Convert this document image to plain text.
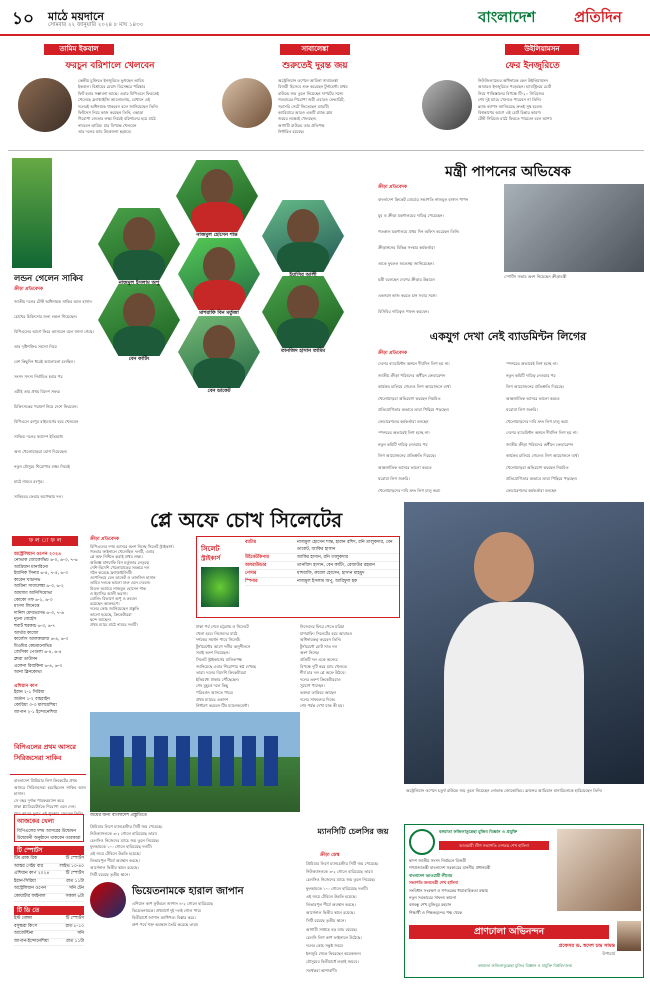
১০ মাঠে ময়দানে
সোমবার ২২ জানুয়ারি ২০২৪ ৮ মাঘ ১৪৩০	বাংলাদেশ	প্রতিদিন
তামিম ইকবাল
ফরচুন বরিশালে খেলবেন
কেন্দ্রীয় চুক্তিতে ইনজুরিতে ভুগছেন তামিম
ইকবাল। বিশ্রামের মেয়াদ ডিসেম্বরে পরিষ্কার
ফিট হবার সম্ভাবনা আছে। এবার বিপিএলে ফিরতেই
খেলেছে ফ্র্যাঞ্চাইজি আলোচনায়, যেখানে এই
দলেরই অধিনায়ক থাকবেন বলে জানিয়েছেন তিনি।
ফিটনেস নিয়ে কাজ করছেন তিনি, এছাড়া
শিরোপা জেতার লক্ষ্য নিয়েই বরিশালের হয়ে মাঠে
নামবেন তামিম। যার বিপক্ষে খেলবেন
তার দলের ম্যাচ উত্তেজনা ছড়াবে।
সাবালেঙ্কা
শুরুতেই দুরন্ত জয়
অস্ট্রেলিয়ান ওপেনে আরিনা সাবালেঙ্কা
বিজয়ী হিসেবে শুরু করেছেন টুর্নামেন্ট। প্রথম
রাউন্ডে জয় তুলে নিয়েছেন দাপটের সঙ্গে।
গতবারের শিরোপা জয়ী এবারও ফেভারিট,
সরাসরি সেটে জিতেছেন ম্যাচটি।
ক্যারিয়ারে আরও একটি গ্র্যান্ড স্লাম
জয়ের লক্ষ্যেই খেলছেন।
আগামী রাউন্ডে তার প্রতিপক্ষ
নির্ধারিত হয়েছে।
উইলিয়ামসন
ফের ইনজুরিতে
নিউজিল্যান্ডের অধিনায়ক কেন উইলিয়ামসন
আবারও ইনজুরিতে পড়েছেন। হ্যামস্ট্রিংয়ে চোট
নিয়ে পাকিস্তানের বিপক্ষে টি-২০ সিরিজের
শেষ দুই ম্যাচে খেলতে পারবেন না তিনি।
ব্ল্যাক ক্যাপস জানিয়েছে দ্রুতই সুস্থ হবেন।
বিশ্বকাপের আগে এই চোট চিন্তার কারণ।
টেস্ট সিরিজে মাঠে ফিরতে পারবেন বলে আশা।
লন্ডন গেলেন সাকিব
ক্রীড়া প্রতিবেদক
জাতীয় দলের টেস্ট অধিনায়ক সাকিব আল হাসান
চোখের চিকিৎসার জন্য লন্ডন গিয়েছেন।
বিপিএলের আগে ফিরে আসবেন বলে জানা গেছে।
তার দৃষ্টিশক্তির সমস্যা নিয়ে
বেশ কিছুদিন ধরেই আলোচনা চলছিল।
সংসদ সদস্য নির্বাচিত হবার পর
এটাই তার প্রথম বিদেশ সফর।
চিকিৎসকের পরামর্শ নিয়ে দেশে ফিরবেন।
বিপিএলে রংপুর রাইডার্সের হয়ে খেলবেন
সাকিব। দলের ক্যাম্পে ইতিমধ্যে
অন্য খেলোয়াড়রা যোগ দিয়েছেন।
নতুন মৌসুমে শিরোপার লক্ষ্য নিয়েই
মাঠে নামবে রংপুর।
সাকিবের ফেরার অপেক্ষায় দল।
নাজমুল হোসেন শান্ত
ইয়াসির আলী
নাজমুল ইসলাম অপু
মাশরাফি বিন মর্তুজা
বেন কাটিং
তানজিদ হাসান তামিম
বেন ডাকেট
মন্ত্রী পাপনের অভিষেক
ক্রীড়া প্রতিবেদক
বাংলাদেশ ক্রিকেট বোর্ডের সভাপতি নাজমুল হাসান পাপন
যুব ও ক্রীড়া মন্ত্রণালয়ের দায়িত্ব পেয়েছেন।
গতকাল মন্ত্রণালয়ে প্রথম দিন অফিস করেছেন তিনি।
ক্রীড়াঙ্গনের বিভিন্ন সংস্থার কর্মকর্তারা
তাকে ফুলেল শুভেচ্ছা জানিয়েছেন।
মন্ত্রী বলেছেন দেশের ক্রীড়ার উন্নয়নে
একসঙ্গে কাজ করতে চান সবার সঙ্গে।
বিসিবির দায়িত্বও পালন করবেন।
স্পোর্টস সভায় অংশ নিয়েছেন ক্রীড়ামন্ত্রী
একযুগ দেখা নেই ব্যাডমিন্টন লিগের
ক্রীড়া প্রতিবেদক
দেশের ব্যাডমিন্টন অঙ্গনে দীর্ঘদিন লিগ হয় না।
জাতীয় ক্রীড়া পরিষদের অধীনে ফেডারেশন
কার্যক্রম চালিয়ে গেলেও লিগ আয়োজনে ব্যর্থ।
খেলোয়াড়রা অভিযোগ করছেন নিয়মিত
প্রতিযোগিতার অভাবে তারা পিছিয়ে পড়ছেন।
ফেডারেশনের কর্মকর্তারা বলছেন
স্পন্সরের অভাবেই লিগ হচ্ছে না।
নতুন কমিটি দায়িত্ব নেওয়ার পর
লিগ আয়োজনের প্রতিশ্রুতি দিয়েছে।
আন্তর্জাতিক আসরে ভালো করতে
ঘরোয়া লিগ জরুরি।
খেলোয়াড়দের দাবি দ্রুত লিগ চালু করা।
স্পন্সরের অভাবেই লিগ হচ্ছে না।
নতুন কমিটি দায়িত্ব নেওয়ার পর
লিগ আয়োজনের প্রতিশ্রুতি দিয়েছে।
আন্তর্জাতিক আসরে ভালো করতে
ঘরোয়া লিগ জরুরি।
খেলোয়াড়দের দাবি দ্রুত লিগ চালু করা।
দেশের ব্যাডমিন্টন অঙ্গনে দীর্ঘদিন লিগ হয় না।
জাতীয় ক্রীড়া পরিষদের অধীনে ফেডারেশন
কার্যক্রম চালিয়ে গেলেও লিগ আয়োজনে ব্যর্থ।
খেলোয়াড়রা অভিযোগ করছেন নিয়মিত
প্রতিযোগিতার অভাবে তারা পিছিয়ে পড়ছেন।
ফেডারেশনের কর্মকর্তারা বলছেন
প্লে অফে চোখ সিলেটের
অস্ট্রেলিয়ান ওপেনে চতুর্থ রাউন্ডে জয় তুলে নিয়েছেন নোভাক জোকোভিচ। ফ্রান্সের আদ্রিয়ান মানারিনোকে হারিয়েছেন তিনি।
ফ ল া ফ ল
অস্ট্রেলিয়ান ওপেন ২০২৪
নোভাক জোকোভিচ ৬-০, ৬-৩, ৭-৬
আদ্রিয়ান মানারিনো
ইয়ানিক সিনার ৬-৪, ৭-৫, ৬-৩
কারেন খাচানভ
আরিনা সাবালেঙ্কা ৬-৩, ৬-২
আমান্ডা আনিসিমোভা
কোকো গফ ৬-২, ৬-৩
মাগদা লিনেত্তে
দানিল মেদভেদেভ ৬-৩, ৭-৬
নুনো বোর্হেস
হুবার্ট হুরকাচ ৬-৩, ৬-৭
আর্থার কাজো
কার্লোস আলকারাজ ৬-৪, ৬-৩
মিওমির কেচমানোভিচ
জেসিকা পেগুলা ৬-৪, ৬-৪
ক্লারা তাউসন
এলেনা রিবাকিনা ৬-৪, ৬-৩
আনা ব্লিনকোভা
এশিয়ান কাপ
ইরান ২-১ সিরিয়া
জর্ডান ১-২ বাহরাইন
কোরিয়া ৩-৩ মালয়েশিয়া
জাপান ২-১ ইন্দোনেশিয়া
ক্রীড়া প্রতিবেদক
বিপিএলের দশম আসরে অংশ নিচ্ছে সিলেট স্ট্রাইকার্স।
গতবার ফাইনালে খেলেছিল দলটি, এবার
প্লে অফ নিশ্চিত করাই প্রথম লক্ষ্য।
অভিজ্ঞ মাশরাফি বিন মর্তুজার নেতৃত্বে
দেশি-বিদেশি খেলোয়াড়ের সমন্বয়ে দল
গঠন করেছে ফ্র্যাঞ্চাইজিটি।
ওপেনিংয়ে বেন ডাকেট ও তানজিদ হাসান
তামিম দলকে ভালো শুরু এনে দেবেন।
মিডল অর্ডারে নাজমুল হোসেন শান্ত
ও ইয়াসির আলী ভরসা।
বোলিং বিভাগে অপু ও রুবেল
রয়েছেন আক্রমণে।
দলের কোচ জানিয়েছেন প্রস্তুতি
ভালো হয়েছে, ক্রিকেটাররা
ছন্দে আছেন।
প্রথম ম্যাচে মাঠে নামবে দলটি।
সিলেট
স্ট্রাইকার্স
ব্যাটার	নাজমুল হোসেন শান্ত, হারান রশিদ, রনি তালুকদার, বেন ডাকেট, জাকির হাসান
উইকেটকিপার	জাকির হাসান, রনি তালুকদার
অলরাউন্ডার	তানজিদ হাসান, বেন কাটিং, রেজাউর রহমান
পেসার	মাশরাফি, রুবেল হোসেন, হাসান মাহমুদ
স্পিনার	নাজমুল ইসলাম অপু, আরিফুল হক
ঢাকা পর্ব শেষে চট্টগ্রাম ও সিলেটে
খেলা হবে। নিজেদের মাঠে
দর্শকের সমর্থন পাবে সিলেট।
টুর্নামেন্টের আগে দলীয় অনুশীলনে
সবাই অংশ নিয়েছেন।
সিলেট স্ট্রাইকার্সের মালিকপক্ষ
জানিয়েছে এবার শিরোপার স্বপ্ন দেখছে
তারা। দলের বিদেশি ক্রিকেটাররা
ইতিমধ্যে ঢাকায় পৌঁছেছেন।
শেষ মুহূর্তে দলে কিছু
পরিবর্তন আসতে পারে।
প্রথম ম্যাচের একাদশ
নির্ধারণ করবেন টিম ম্যানেজমেন্ট।
নিজেদের ফিরে পেতে মরিয়া
মাশরাফি। সিলেটের হয়ে আবারও
অধিনায়কত্ব করবেন তিনি।
টুর্নামেন্টে মোট সাত দল
অংশ নিচ্ছে।
প্রতিটি দল একে অন্যের
বিপক্ষে দুটি করে ম্যাচ খেলবে।
শীর্ষ চার দল প্লে অফে উঠবে।
দলের তরুণ ক্রিকেটাররাও
সুযোগ পাচ্ছেন।
ভক্তরা তাকিয়ে আছেন
দলের সাফল্যের দিকে।
শেষ পর্যন্ত দেখা যাক কী হয়।
জয়ের জন্য বাংলাদেশ প্রস্তুতিতে
বিপিএলের প্রথম আসরে সিরিজসেরা সাকিব
বাংলাদেশ প্রিমিয়ার লিগ ক্রিকেটের প্রথম
আসরে সিরিজসেরা হয়েছিলেন সাকিব আল হাসান।
সে বছর দুর্দান্ত পারফরম্যান্স করে
ঢাকা গ্ল্যাডিয়েটর্সকে শিরোপা এনে দেন।
পরে আরও দুবার এই পুরস্কার জেতেন তিনি।
আজকের খেলা
বিপিএলের দশম আসরের উদ্বোধন
উদ্বোধনী অনুষ্ঠানে থাকবেন তারকারা
টি স্পোর্টস
টিম ব্রাক রিক	টি স্পোর্টস
আস্তর গেইম বার	লাইভ ১০-৪০
এশিয়ান কাপ ২০২৪	টি স্পোর্টস
ইরান-সিরিয়া	রাত ১১টা
অস্ট্রেলিয়ান ওপেন	সনি টেন
কোয়ার্টার ফাইনাল	সকাল ৬টা
টি ডি তে
ইস্ট বেঙ্গল	টি স্পোর্টস
বসুন্ধরা কিংস	রাত ৮-১০
আর্জেন্টিনা	সনি
জাপান-ইন্দোনেশিয়া	রাত ১১টা
প্রিমিয়ার লিগে ম্যানচেস্টার সিটি জয় পেয়েছে।
নিউক্যাসলকে ৩-২ গোলে হারিয়েছে তারা।
চেলসিও নিজেদের ম্যাচে জয় তুলে নিয়েছে।
ফুলহামকে ১-০ গোলে হারিয়েছে দলটি।
এই জয়ে টেবিলে উন্নতি হয়েছে।
লিভারপুল শীর্ষে অবস্থান করছে।
আর্সেনাল দ্বিতীয় স্থানে রয়েছে।
সিটি রয়েছে তৃতীয় স্থানে।
ভিয়েতনামকে হারাল জাপান
এশিয়ান কাপ ফুটবলে জাপান ৪-২ গোলে হারিয়েছে
ভিয়েতনামকে। প্রথমার্ধে দুই দলই গোল পায়।
দ্বিতীয়ার্ধে জাপান আধিপত্য বিস্তার করে।
গ্রুপ পর্বে শক্ত অবস্থান তৈরি করেছে তারা।
ম্যানসিটি চেলসির জয়
ক্রীড়া ডেস্ক
প্রিমিয়ার লিগে ম্যানচেস্টার সিটি জয় পেয়েছে।
নিউক্যাসলকে ৩-২ গোলে হারিয়েছে তারা।
চেলসিও নিজেদের ম্যাচে জয় তুলে নিয়েছে।
ফুলহামকে ১-০ গোলে হারিয়েছে দলটি।
এই জয়ে টেবিলে উন্নতি হয়েছে।
লিভারপুল শীর্ষে অবস্থান করছে।
আর্সেনাল দ্বিতীয় স্থানে রয়েছে।
সিটি রয়েছে তৃতীয় স্থানে।
আগামী সপ্তাহে বড় ম্যাচ রয়েছে।
চেলসি লিগ কাপ ফাইনালে উঠেছে।
দলের কোচ সন্তুষ্ট জয়ে।
ইনজুরি থেকে ফিরেছেন কয়েকজন।
মৌসুমের দ্বিতীয়ার্ধে লড়াই জমবে।
সমর্থকরা আশাবাদী।
বঙ্গমাতা ফজিলাতুন্নেছা মুজিব বিজ্ঞান ও প্রযুক্তি
আওয়ামী লীগ সভাপতি দেশরত্ন শেখ হাসিনা
দ্বাদশ জাতীয় সংসদ নির্বাচনে বিজয়ী
গণপ্রজাতন্ত্রী বাংলাদেশ সরকারের মাননীয় প্রধানমন্ত্রী
বাংলাদেশ আওয়ামী লীগের
সভাপতি জননেত্রী শেখ হাসিনা
সংবিধান সংরক্ষণ ও গণতন্ত্রের ধারাবাহিকতা রক্ষায়
নতুন সরকারের সাফল্য কামনা
বঙ্গবন্ধু শেখ মুজিবুর রহমান
শিক্ষার্থী ও শিক্ষকবৃন্দের পক্ষ থেকে
প্রাণঢালা অভিনন্দন
প্রফেসর ড. স্বদেশ চন্দ্র সামন্ত
উপাচার্য
বঙ্গমাতা ফজিলাতুন্নেছা মুজিব বিজ্ঞান ও প্রযুক্তি বিশ্ববিদ্যালয়
